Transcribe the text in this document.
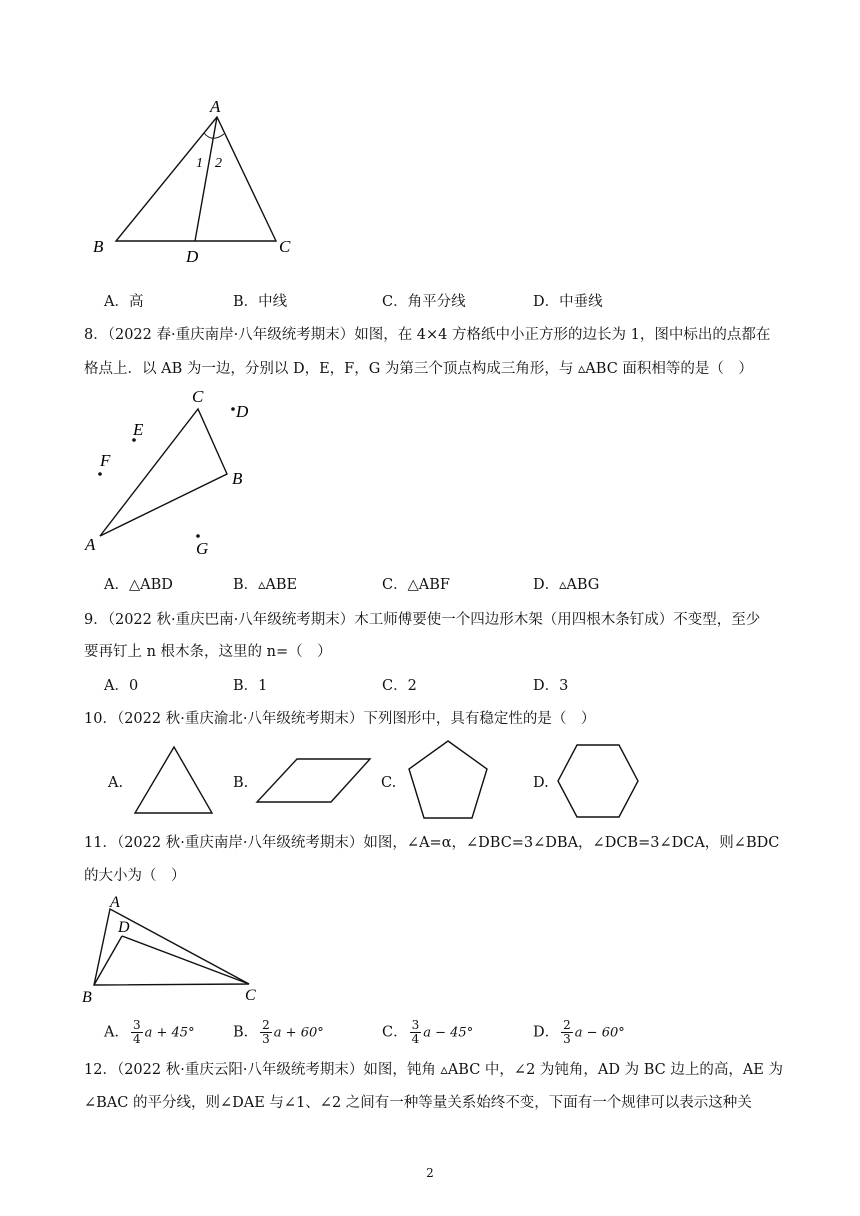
A
1 2
B
D
C
A．高	B．中线	C．角平分线	D．中垂线
8．（2022 春·重庆南岸·八年级统考期末）如图，在 4×4 方格纸中小正方形的边长为 1，图中标出的点都在
格点上．以 AB 为一边，分别以 D，E，F，G 为第三个顶点构成三角形，与 ▵ABC 面积相等的是（　）
C
D
E
F
B
A	G
A．△ABD	B．▵ABE	C．△ABF	D．▵ABG
9．（2022 秋·重庆巴南·八年级统考期末）木工师傅要使一个四边形木架（用四根木条钉成）不变型，至少
要再钉上 n 根木条，这里的 n=（　）
A．0	B．1	C．2	D．3
10．（2022 秋·重庆渝北·八年级统考期末）下列图形中，具有稳定性的是（　）
A.	B.	C.	D.
11．（2022 秋·重庆南岸·八年级统考期末）如图，∠A=α，∠DBC=3∠DBA，∠DCB=3∠DCA，则∠BDC
的大小为（　）
A
D
B	C
A． $\frac{3}{4}$ a + 45°	B． $\frac{2}{3}$ a + 60°	C． $\frac{3}{4}$ a − 45°	D． $\frac{2}{3}$ a − 60°
12．（2022 秋·重庆云阳·八年级统考期末）如图，钝角 ▵ABC 中，∠2 为钝角，AD 为 BC 边上的高，AE 为
∠BAC 的平分线，则∠DAE 与∠1、∠2 之间有一种等量关系始终不变，下面有一个规律可以表示这种关
2
